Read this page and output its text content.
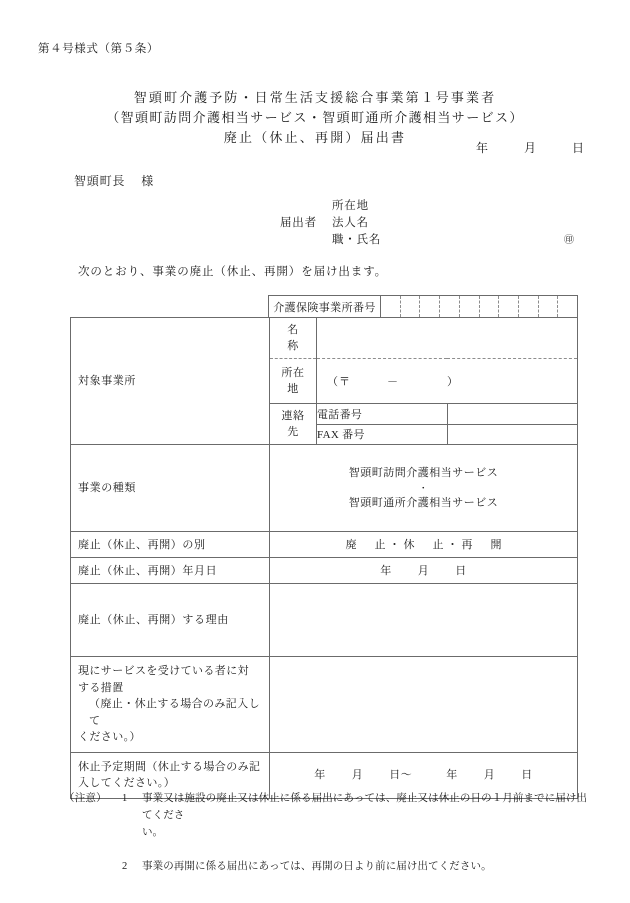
第４号様式（第５条）
智頭町介護予防・日常生活支援総合事業第１号事業者
（智頭町訪問介護相当サービス・智頭町通所介護相当サービス）
廃止（休止、再開）届出書
年	月	日
智頭町長 様
所在地
届出者 法人名
職・氏名	㊞
次のとおり、事業の廃止（休止、再開）を届け出ます。
介護保険事業所番号
対象事業所	名　称		

	所在地	（〒　　　－　　　　）	

	連絡先	電話番号	
		FAX 番号	

事業の種類	智頭町訪問介護相当サービス
・
智頭町通所介護相当サービス		

廃止（休止、再開）の別	廃　止・休　止・再　開		

廃止（休止、再開）年月日	年 月 日		

廃止（休止、再開）する理由			

現にサービスを受けている者に対
する措置
（廃止・休止する場合のみ記入して
ください。）			

休止予定期間（休止する場合のみ記
入してください。）	年 月 日～ 年 月 日		
（注意） 1 事業又は施設の廃止又は休止に係る届出にあっては、廃止又は休止の日の１月前までに届け出てくださ
い。
2 事業の再開に係る届出にあっては、再開の日より前に届け出てください。
